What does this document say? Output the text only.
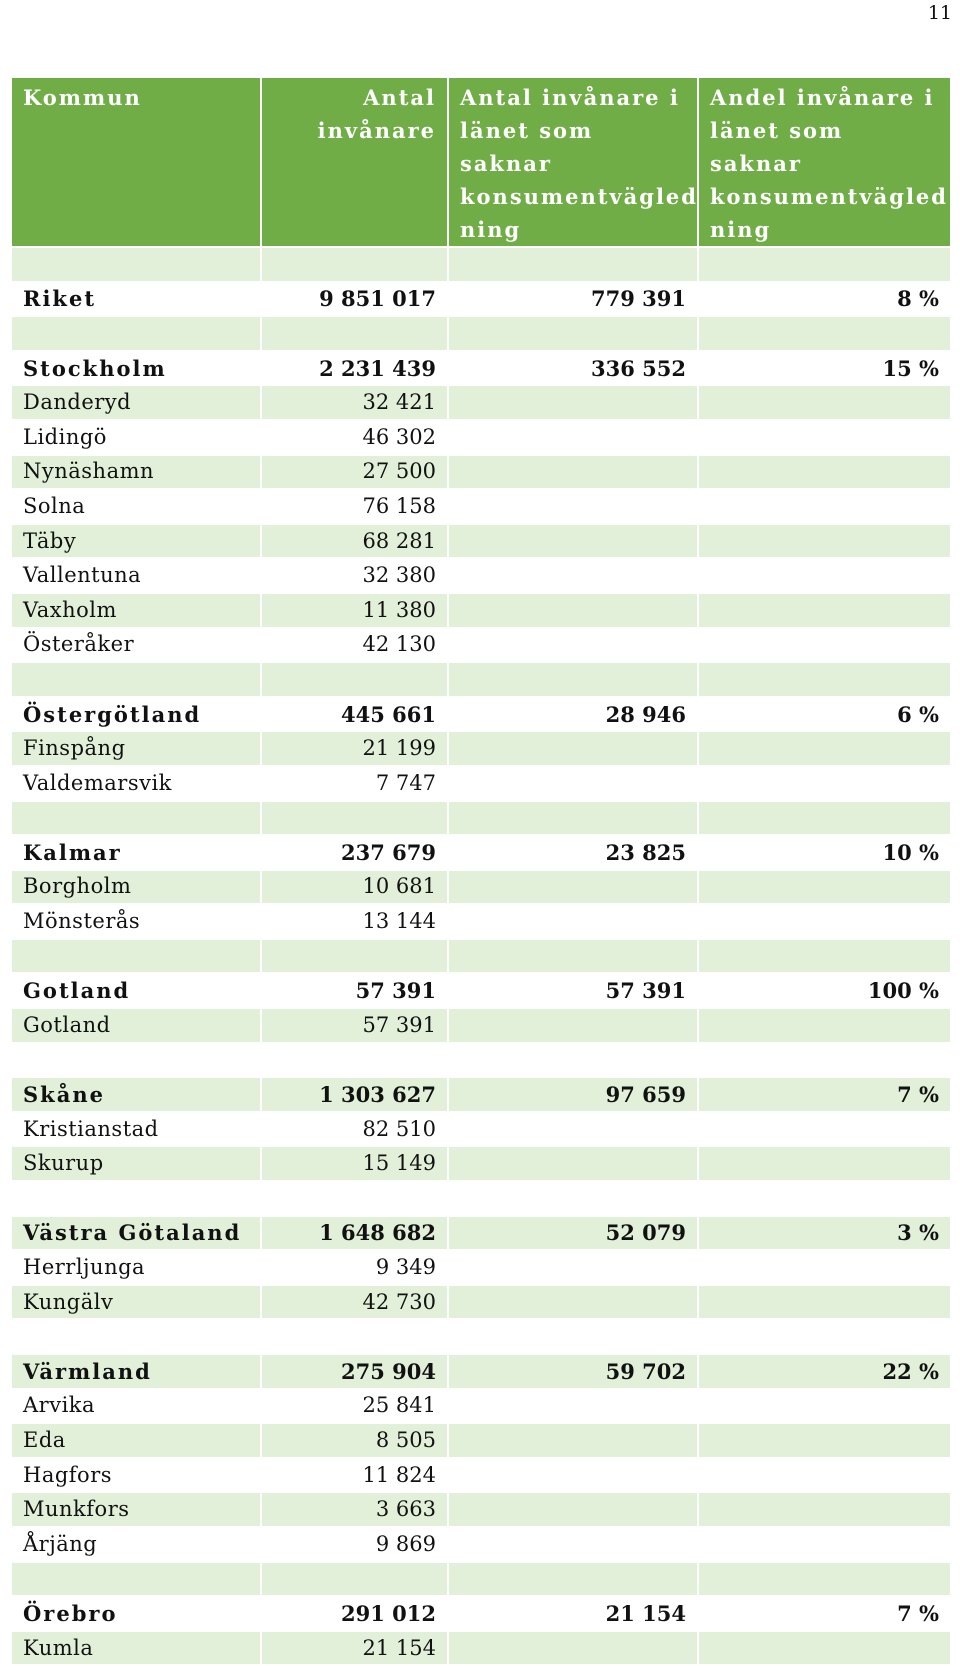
11
Kommun	Antal invånare	Antal invånare i länet som saknar konsumentvägled ning	Andel invånare i länet som saknar konsumentvägled ning

Riket	9 851 017	779 391	8 %

Stockholm	2 231 439	336 552	15 %
Danderyd	32 421		
Lidingö	46 302		
Nynäshamn	27 500		
Solna	76 158		
Täby	68 281		
Vallentuna	32 380		
Vaxholm	11 380		
Österåker	42 130		

Östergötland	445 661	28 946	6 %
Finspång	21 199		
Valdemarsvik	7 747		

Kalmar	237 679	23 825	10 %
Borgholm	10 681		
Mönsterås	13 144		

Gotland	57 391	57 391	100 %
Gotland	57 391		

Skåne	1 303 627	97 659	7 %
Kristianstad	82 510		
Skurup	15 149		

Västra Götaland	1 648 682	52 079	3 %
Herrljunga	9 349		
Kungälv	42 730		

Värmland	275 904	59 702	22 %
Arvika	25 841		
Eda	8 505		
Hagfors	11 824		
Munkfors	3 663		
Årjäng	9 869		

Örebro	291 012	21 154	7 %
Kumla	21 154		
